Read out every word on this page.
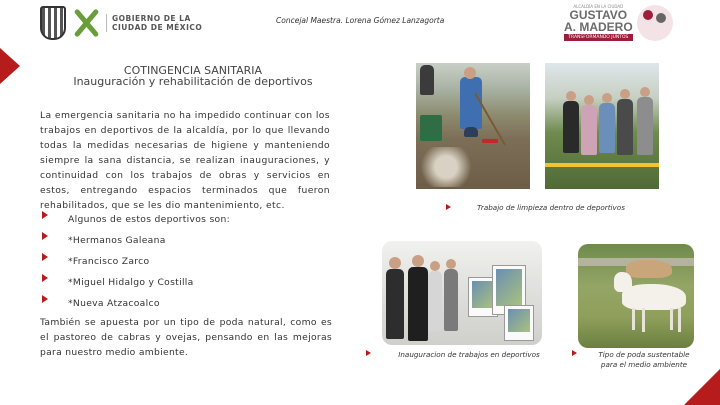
GOBIERNO DE LA
CIUDAD DE MÉXICO
Concejal Maestra. Lorena Gómez Lanzagorta
ALCALDÍA EN LA CIUDAD
GUSTAVO
A. MADERO
TRANSFORMANDO JUNTOS
COTINGENCIA SANITARIA
Inauguración y rehabilitación de deportivos

La emergencia sanitaria no ha impedido continuar con los trabajos en deportivos de la alcaldía, por lo que llevando todas la medidas necesarias de higiene y manteniendo siempre la sana distancia, se realizan inauguraciones, y continuidad con los trabajos de obras y servicios en estos, entregando espacios terminados que fueron rehabilitados, que se les dio mantenimiento, etc.

Algunos de estos deportivos son:
*Hermanos Galeana
*Francisco Zarco
*Miguel Hidalgo y Costilla
*Nueva Atzacoalco

También se apuesta por un tipo de poda natural, como es el pastoreo de cabras y ovejas, pensando en las mejoras para nuestro medio ambiente.

Trabajo de limpieza dentro de deportivos
Inauguracion de trabajos en deportivos	Tipo de poda sustentable para el medio ambiente
